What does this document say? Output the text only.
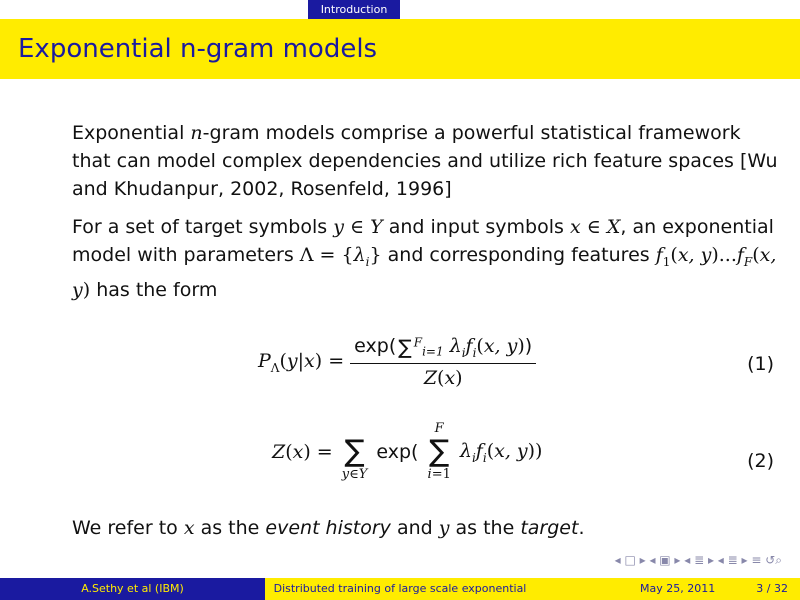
Introduction
Exponential n-gram models

Exponential n-gram models comprise a powerful statistical framework that can model complex dependencies and utilize rich feature spaces [Wu and Khudanpur, 2002, Rosenfeld, 1996]

For a set of target symbols y ∈ Y and input symbols x ∈ X, an exponential model with parameters $\Lambda = \{\lambda_i\}$ and corresponding features $f_1(x$, $y)...f_F(x$, y) has the form

$P_\Lambda(y|x) = \frac{\exp( \sum ^F_{i=1} \lambda_if_i(x, y))}{Z(x)}$	(1)
Z(x) =
∑
y∈Y
exp(
F
∑
i=1
$\lambda_if_i(x$, y))	(2)

We refer to x as the event history and y as the target.

◂ □ ▸ ◂ ▣ ▸ ◂ ≣ ▸ ◂ ≣ ▸ ≡ ↺⌕
A.Sethy et al (IBM)	Distributed training of large scale exponential	May 25, 2011	3 / 32
